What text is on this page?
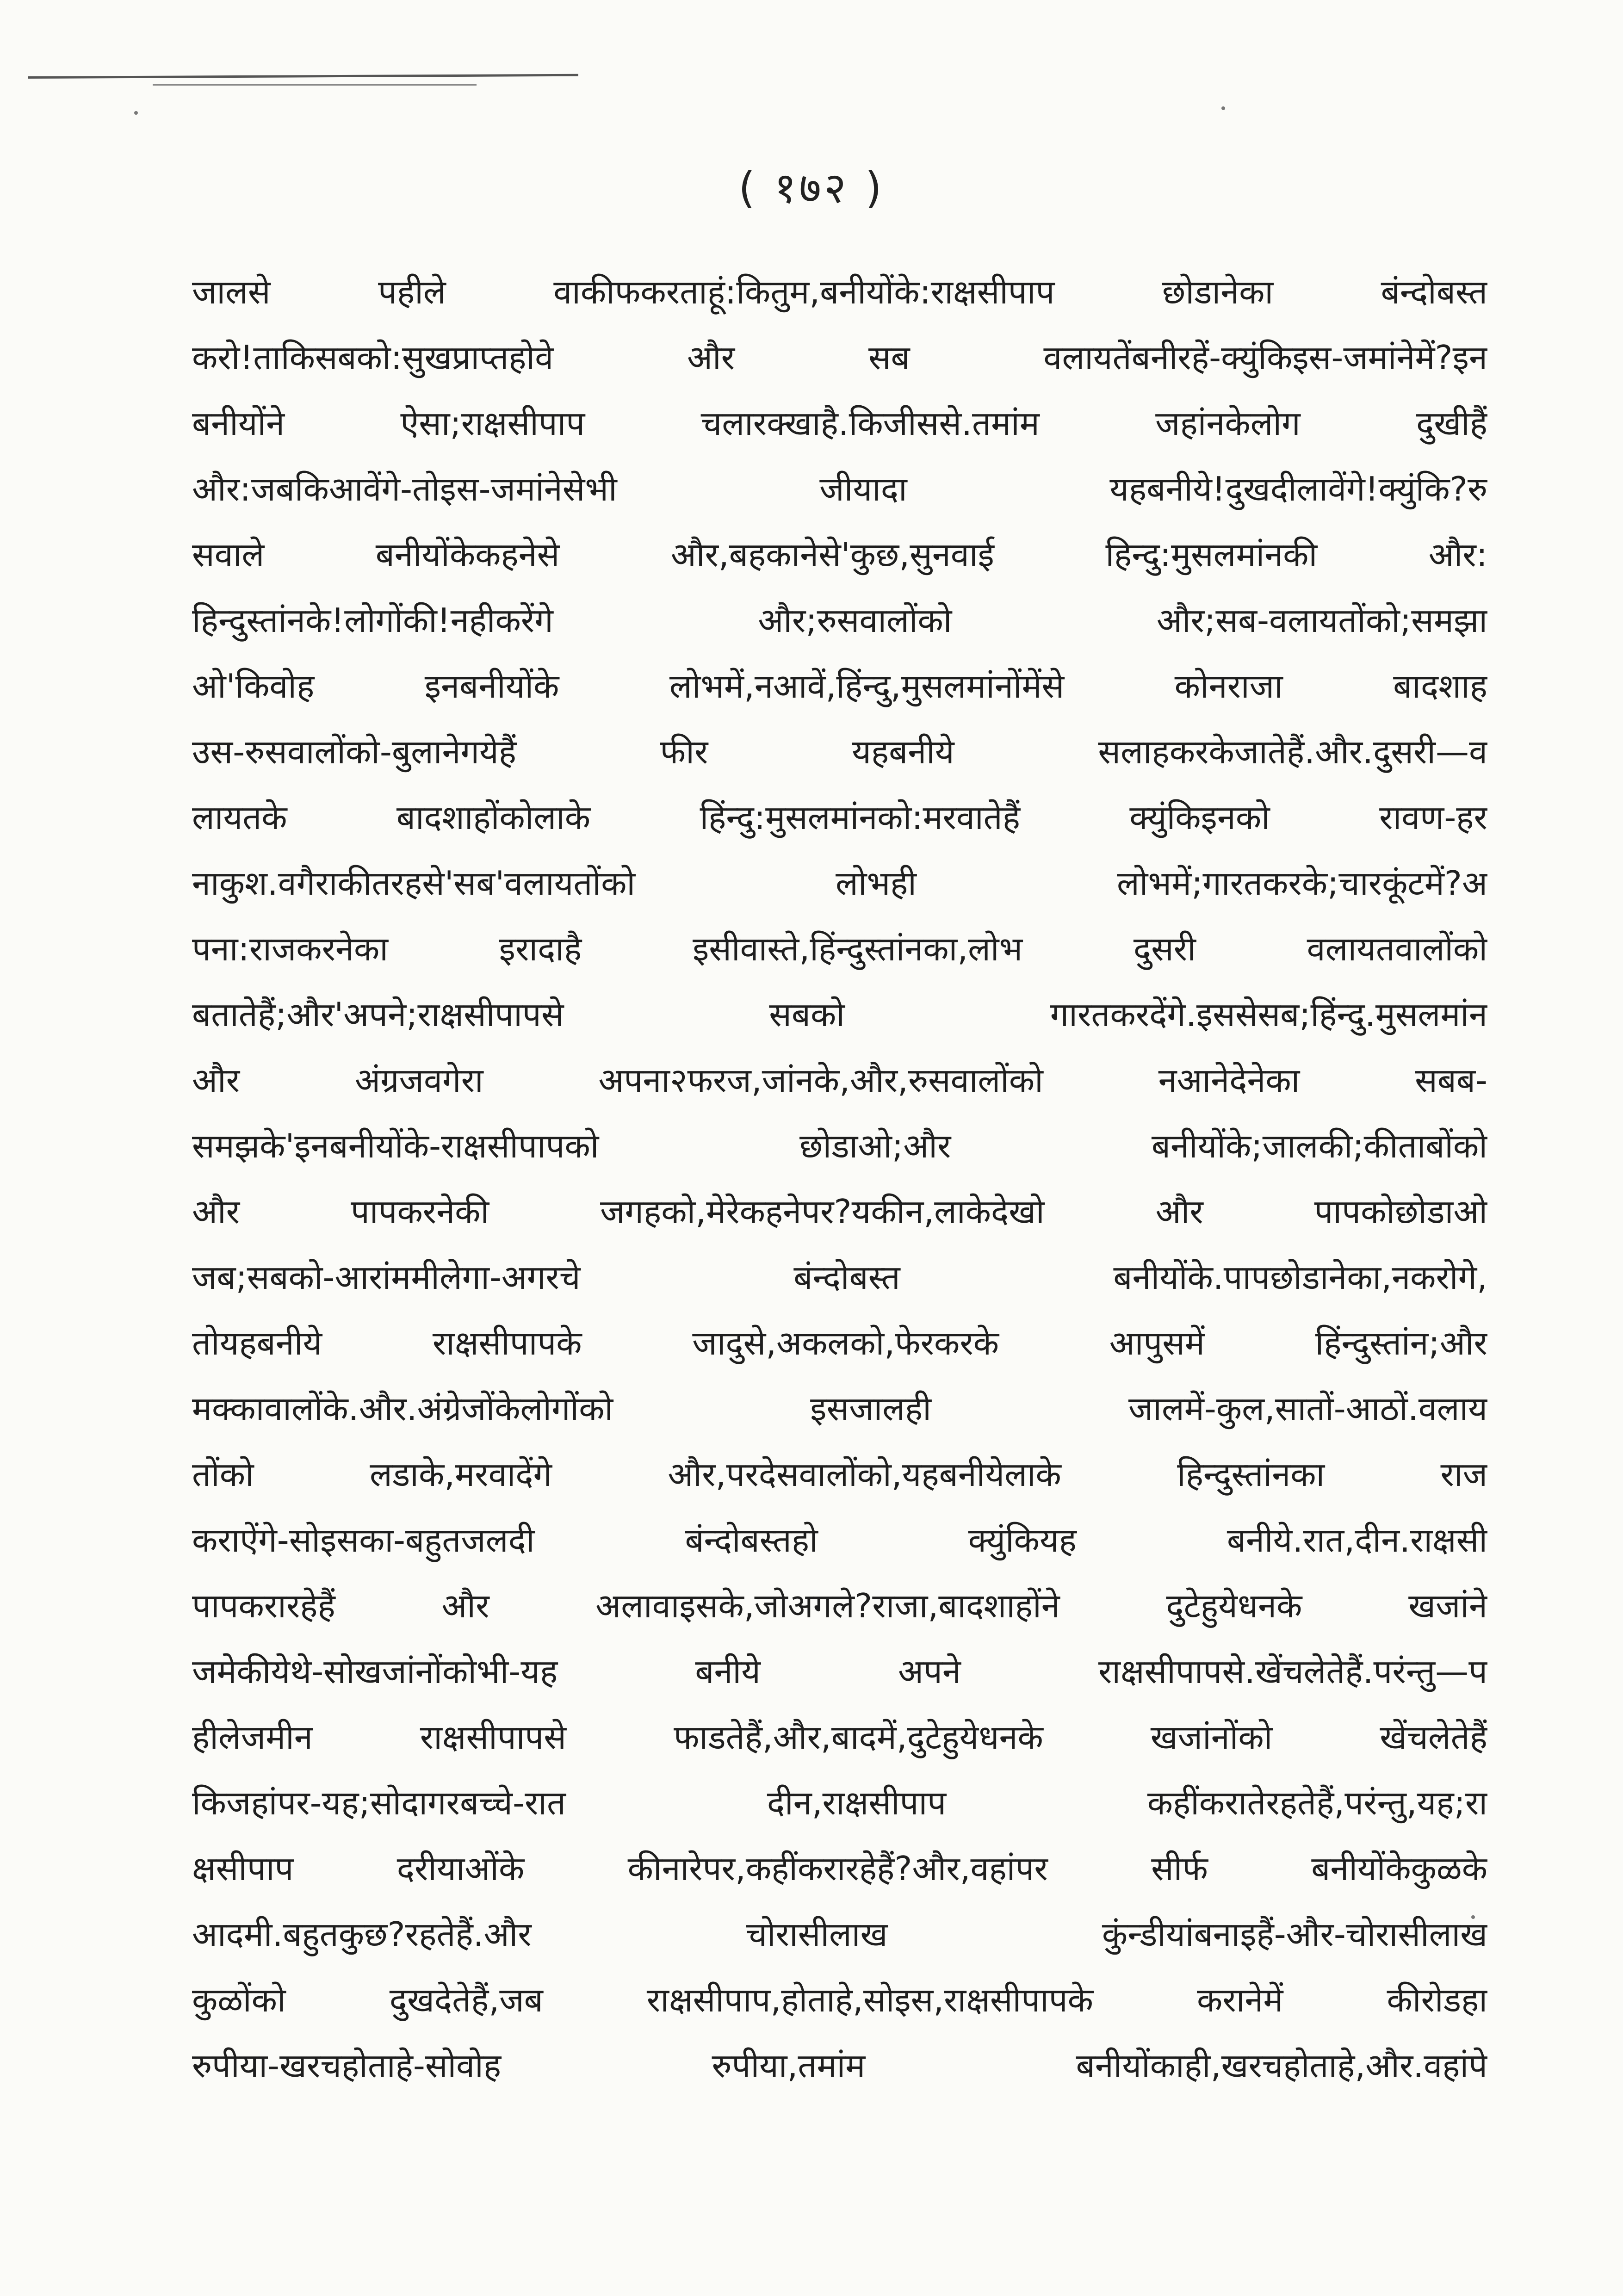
( १७२ )
जालसे पहीले वाकीफकरताहूं:कितुम,बनीयोंके:राक्षसीपाप छोडानेका बंन्दोबस्त
करो!ताकिसबको:सुखप्राप्तहोवे और सब वलायतेंबनीरहें-क्युंकिइस-जमांनेमें?इन
बनीयोंने ऐसा;राक्षसीपाप चलारक्खाहै.किजीससे.तमांम जहांनकेलोग दुखीहैं
और:जबकिआवेंगे-तोइस-जमांनेसेभी जीयादा यहबनीये!दुखदीलावेंगे!क्युंकि?रु
सवाले बनीयोंकेकहनेसे और,बहकानेसे'कुछ,सुनवाई हिन्दु:मुसलमांनकी और:
हिन्दुस्तांनके!लोगोंकी!नहीकरेंगे और;रुसवालोंको और;सब-वलायतोंको;समझा
ओ'किवोह इनबनीयोंके लोभमें,नआवें,हिंन्दु,मुसलमांनोंमेंसे कोनराजा बादशाह
उस-रुसवालोंको-बुलानेगयेहैं फीर यहबनीये सलाहकरकेजातेहैं.और.दुसरी—व
लायतके बादशाहोंकोलाके हिंन्दु:मुसलमांनको:मरवातेहैं क्युंकिइनको रावण-हर
नाकुश.वगैराकीतरहसे'सब'वलायतोंको लोभही लोभमें;गारतकरके;चारकूंटमें?अ
पना:राजकरनेका इरादाहै इसीवास्ते,हिंन्दुस्तांनका,लोभ दुसरी वलायतवालोंको
बतातेहैं;और'अपने;राक्षसीपापसे सबको गारतकरदेंगे.इससेसब;हिंन्दु.मुसलमांन
और अंग्रजवगेरा अपना२फरज,जांनके,और,रुसवालोंको नआनेदेनेका सबब-
समझके'इनबनीयोंके-राक्षसीपापको छोडाओ;और बनीयोंके;जालकी;कीताबोंको
और पापकरनेकी जगहको,मेरेकहनेपर?यकीन,लाकेदेखो और पापकोछोडाओ
जब;सबको-आरांममीलेगा-अगरचे बंन्दोबस्त बनीयोंके.पापछोडानेका,नकरोगे,
तोयहबनीये राक्षसीपापके जादुसे,अकलको,फेरकरके आपुसमें हिंन्दुस्तांन;और
मक्कावालोंके.और.अंग्रेजोंकेलोगोंको इसजालही जालमें-कुल,सातों-आठों.वलाय
तोंको लडाके,मरवादेंगे और,परदेसवालोंको,यहबनीयेलाके हिन्दुस्तांनका राज
कराऐंगे-सोइसका-बहुतजलदी बंन्दोबस्तहो क्युंकियह बनीये.रात,दीन.राक्षसी
पापकरारहेहैं और अलावाइसके,जोअगले?राजा,बादशाहोंने दुटेहुयेधनके खजांने
जमेकीयेथे-सोखजांनोंकोभी-यह बनीये अपने राक्षसीपापसे.खेंचलेतेहैं.परंन्तु—प
हीलेजमीन राक्षसीपापसे फाडतेहैं,और,बादमें,दुटेहुयेधनके खजांनोंको खेंचलेतेहैं
किजहांपर-यह;सोदागरबच्चे-रात दीन,राक्षसीपाप कहींकरातेरहतेहैं,परंन्तु,यह;रा
क्षसीपाप दरीयाओंके कीनारेपर,कहींकरारहेहैं?और,वहांपर सीर्फ बनीयोंकेकुळके
आदमी.बहुतकुछ?रहतेहैं.और चोरासीलाख कुंन्डीयांबनाइहैं-और-चोरासीलाख
कुळोंको दुखदेतेहैं,जब राक्षसीपाप,होताहे,सोइस,राक्षसीपापके करानेमें कीरोडहा
रुपीया-खरचहोताहे-सोवोह रुपीया,तमांम बनीयोंकाही,खरचहोताहे,और.वहांपे
